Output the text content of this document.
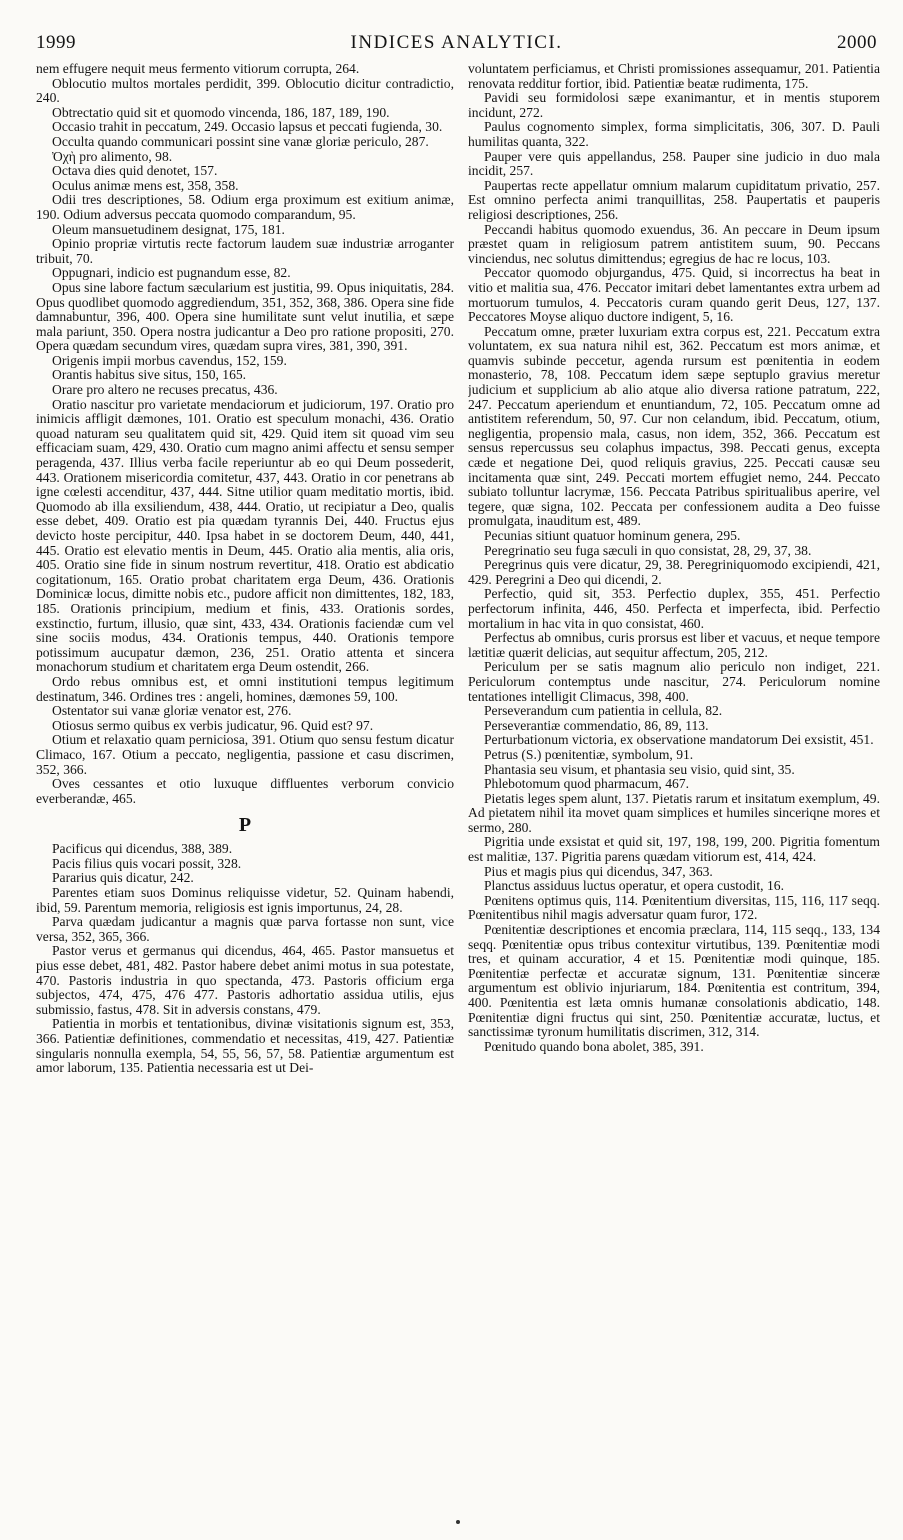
1999	INDICES ANALYTICI.	2000

nem effugere nequit meus fermento vitiorum corrupta, 264.

Oblocutio multos mortales perdidit, 399. Oblocutio dicitur contradictio, 240.

Obtrectatio quid sit et quomodo vincenda, 186, 187, 189, 190.

Occasio trahit in peccatum, 249. Occasio lapsus et peccati fugienda, 30.

Occulta quando communicari possint sine vanæ gloriæ periculo, 287.

Ὀχὴ pro alimento, 98.

Octava dies quid denotet, 157.

Oculus animæ mens est, 358, 358.

Odii tres descriptiones, 58. Odium erga proximum est exitium animæ, 190. Odium adversus peccata quomodo comparandum, 95.

Oleum mansuetudinem designat, 175, 181.

Opinio propriæ virtutis recte factorum laudem suæ industriæ arroganter tribuit, 70.

Oppugnari, indicio est pugnandum esse, 82.

Opus sine labore factum sæcularium est justitia, 99. Opus iniquitatis, 284. Opus quodlibet quomodo aggrediendum, 351, 352, 368, 386. Opera sine fide damnabuntur, 396, 400. Opera sine humilitate sunt velut inutilia, et sæpe mala pariunt, 350. Opera nostra judicantur a Deo pro ratione propositi, 270. Opera quædam secundum vires, quædam supra vires, 381, 390, 391.

Origenis impii morbus cavendus, 152, 159.

Orantis habitus sive situs, 150, 165.

Orare pro altero ne recuses precatus, 436.

Oratio nascitur pro varietate mendaciorum et judiciorum, 197. Oratio pro inimicis affligit dæmones, 101. Oratio est speculum monachi, 436. Oratio quoad naturam seu qualitatem quid sit, 429. Quid item sit quoad vim seu efficaciam suam, 429, 430. Oratio cum magno animi affectu et sensu semper peragenda, 437. Illius verba facile reperiuntur ab eo qui Deum possederit, 443. Orationem misericordia comitetur, 437, 443. Oratio in cor penetrans ab igne cœlesti accenditur, 437, 444. Sitne utilior quam meditatio mortis, ibid. Quomodo ab illa exsiliendum, 438, 444. Oratio, ut recipiatur a Deo, qualis esse debet, 409. Oratio est pia quædam tyrannis Dei, 440. Fructus ejus devicto hoste percipitur, 440. Ipsa habet in se doctorem Deum, 440, 441, 445. Oratio est elevatio mentis in Deum, 445. Oratio alia mentis, alia oris, 405. Oratio sine fide in sinum nostrum revertitur, 418. Oratio est abdicatio cogitationum, 165. Oratio probat charitatem erga Deum, 436. Orationis Dominicæ locus, dimitte nobis etc., pudore afficit non dimittentes, 182, 183, 185. Orationis principium, medium et finis, 433. Orationis sordes, exstinctio, furtum, illusio, quæ sint, 433, 434. Orationis faciendæ cum vel sine sociis modus, 434. Orationis tempus, 440. Orationis tempore potissimum aucupatur dæmon, 236, 251. Oratio attenta et sincera monachorum studium et charitatem erga Deum ostendit, 266.

Ordo rebus omnibus est, et omni institutioni tempus legitimum destinatum, 346. Ordines tres : angeli, homines, dæmones 59, 100.

Ostentator sui vanæ gloriæ venator est, 276.

Otiosus sermo quibus ex verbis judicatur, 96. Quid est? 97.

Otium et relaxatio quam perniciosa, 391. Otium quo sensu festum dicatur Climaco, 167. Otium a peccato, negligentia, passione et casu discrimen, 352, 366.

Oves cessantes et otio luxuque diffluentes verborum convicio everberandæ, 465.

P

Pacificus qui dicendus, 388, 389.

Pacis filius quis vocari possit, 328.

Pararius quis dicatur, 242.

Parentes etiam suos Dominus reliquisse videtur, 52. Quinam habendi, ibid, 59. Parentum memoria, religiosis est ignis importunus, 24, 28.

Parva quædam judicantur a magnis quæ parva fortasse non sunt, vice versa, 352, 365, 366.

Pastor verus et germanus qui dicendus, 464, 465. Pastor mansuetus et pius esse debet, 481, 482. Pastor habere debet animi motus in sua potestate, 470. Pastoris industria in quo spectanda, 473. Pastoris officium erga subjectos, 474, 475, 476 477. Pastoris adhortatio assidua utilis, ejus submissio, fastus, 478. Sit in adversis constans, 479.

Patientia in morbis et tentationibus, divinæ visitationis signum est, 353, 366. Patientiæ definitiones, commendatio et necessitas, 419, 427. Patientiæ singularis nonnulla exempla, 54, 55, 56, 57, 58. Patientiæ argumentum est amor laborum, 135. Patientia necessaria est ut Dei-

voluntatem perficiamus, et Christi promissiones assequamur, 201. Patientia renovata redditur fortior, ibid. Patientiæ beatæ rudimenta, 175.

Pavidi seu formidolosi sæpe exanimantur, et in mentis stuporem incidunt, 272.

Paulus cognomento simplex, forma simplicitatis, 306, 307. D. Pauli humilitas quanta, 322.

Pauper vere quis appellandus, 258. Pauper sine judicio in duo mala incidit, 257.

Paupertas recte appellatur omnium malarum cupiditatum privatio, 257. Est omnino perfecta animi tranquillitas, 258. Paupertatis et pauperis religiosi descriptiones, 256.

Peccandi habitus quomodo exuendus, 36. An peccare in Deum ipsum præstet quam in religiosum patrem antistitem suum, 90. Peccans vinciendus, nec solutus dimittendus; egregius de hac re locus, 103.

Peccator quomodo objurgandus, 475. Quid, si incorrectus ha beat in vitio et malitia sua, 476. Peccator imitari debet lamentantes extra urbem ad mortuorum tumulos, 4. Peccatoris curam quando gerit Deus, 127, 137. Peccatores Moyse aliquo ductore indigent, 5, 16.

Peccatum omne, præter luxuriam extra corpus est, 221. Peccatum extra voluntatem, ex sua natura nihil est, 362. Peccatum est mors animæ, et quamvis subinde peccetur, agenda rursum est pœnitentia in eodem monasterio, 78, 108. Peccatum idem sæpe septuplo gravius meretur judicium et supplicium ab alio atque alio diversa ratione patratum, 222, 247. Peccatum aperiendum et enuntiandum, 72, 105. Peccatum omne ad antistitem referendum, 50, 97. Cur non celandum, ibid. Peccatum, otium, negligentia, propensio mala, casus, non idem, 352, 366. Peccatum est sensus repercussus seu colaphus impactus, 398. Peccati genus, excepta cæde et negatione Dei, quod reliquis gravius, 225. Peccati causæ seu incitamenta quæ sint, 249. Peccati mortem effugiet nemo, 244. Peccato subiato tolluntur lacrymæ, 156. Peccata Patribus spiritualibus aperire, vel tegere, quæ signa, 102. Peccata per confessionem audita a Deo fuisse promulgata, inauditum est, 489.

Pecunias sitiunt quatuor hominum genera, 295.

Peregrinatio seu fuga sæculi in quo consistat, 28, 29, 37, 38.

Peregrinus quis vere dicatur, 29, 38. Peregriniquomodo excipiendi, 421, 429. Peregrini a Deo qui dicendi, 2.

Perfectio, quid sit, 353. Perfectio duplex, 355, 451. Perfectio perfectorum infinita, 446, 450. Perfecta et imperfecta, ibid. Perfectio mortalium in hac vita in quo consistat, 460.

Perfectus ab omnibus, curis prorsus est liber et vacuus, et neque tempore lætitiæ quærit delicias, aut sequitur affectum, 205, 212.

Periculum per se satis magnum alio periculo non indiget, 221. Periculorum contemptus unde nascitur, 274. Periculorum nomine tentationes intelligit Climacus, 398, 400.

Perseverandum cum patientia in cellula, 82.

Perseverantiæ commendatio, 86, 89, 113.

Perturbationum victoria, ex observatione mandatorum Dei exsistit, 451.

Petrus (S.) pœnitentiæ, symbolum, 91.

Phantasia seu visum, et phantasia seu visio, quid sint, 35.

Phlebotomum quod pharmacum, 467.

Pietatis leges spem alunt, 137. Pietatis rarum et insitatum exemplum, 49. Ad pietatem nihil ita movet quam simplices et humiles sinceriqne mores et sermo, 280.

Pigritia unde exsistat et quid sit, 197, 198, 199, 200. Pigritia fomentum est malitiæ, 137. Pigritia parens quædam vitiorum est, 414, 424.

Pius et magis pius qui dicendus, 347, 363.

Planctus assiduus luctus operatur, et opera custodit, 16.

Pœnitens optimus quis, 114. Pœnitentium diversitas, 115, 116, 117 seqq. Pœnitentibus nihil magis adversatur quam furor, 172.

Pœnitentiæ descriptiones et encomia præclara, 114, 115 seqq., 133, 134 seqq. Pœnitentiæ opus tribus contexitur virtutibus, 139. Pœnitentiæ modi tres, et quinam accuratior, 4 et 15. Pœnitentiæ modi quinque, 185. Pœnitentiæ perfectæ et accuratæ signum, 131. Pœnitentiæ sinceræ argumentum est oblivio injuriarum, 184. Pœnitentia est contritum, 394, 400. Pœnitentia est læta omnis humanæ consolationis abdicatio, 148. Pœnitentiæ digni fructus qui sint, 250. Pœnitentiæ accuratæ, luctus, et sanctissimæ tyronum humilitatis discrimen, 312, 314.

Pœnitudo quando bona abolet, 385, 391.
